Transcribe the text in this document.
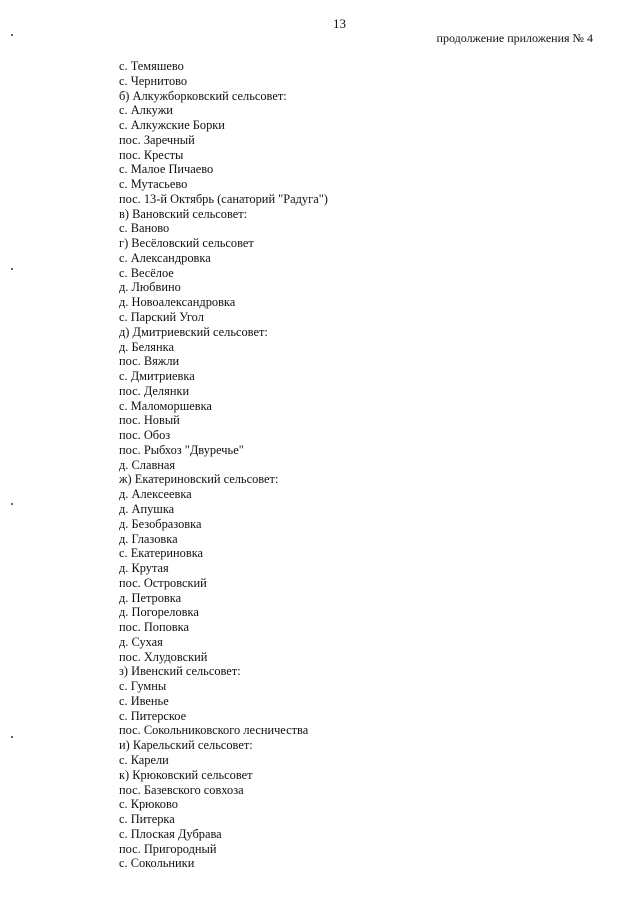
13
продолжение приложения № 4
с. Темяшево
с. Чернитово
б) Алкужборковский сельсовет:
с. Алкужи
с. Алкужские Борки
пос. Заречный
пос. Кресты
с. Малое Пичаево
с. Мутасьево
пос. 13-й Октябрь (санаторий "Радуга")
в) Вановский сельсовет:
с. Ваново
г) Весёловский сельсовет
с. Александровка
с. Весёлое
д. Любвино
д. Новоалександровка
с. Парский Угол
д) Дмитриевский сельсовет:
д. Белянка
пос. Вяжли
с. Дмитриевка
пос. Делянки
с. Маломоршевка
пос. Новый
пос. Обоз
пос. Рыбхоз "Двуречье"
д. Славная
ж) Екатериновский сельсовет:
д. Алексеевка
д. Апушка
д. Безобразовка
д. Глазовка
с. Екатериновка
д. Крутая
пос. Островский
д. Петровка
д. Погореловка
пос. Поповка
д. Сухая
пос. Хлудовский
з) Ивенский сельсовет:
с. Гумны
с. Ивенье
с. Питерское
пос. Сокольниковского лесничества
и) Карельский сельсовет:
с. Карели
к) Крюковский сельсовет
пос. Базевского совхоза
с. Крюково
с. Питерка
с. Плоская Дубрава
пос. Пригородный
с. Сокольники
